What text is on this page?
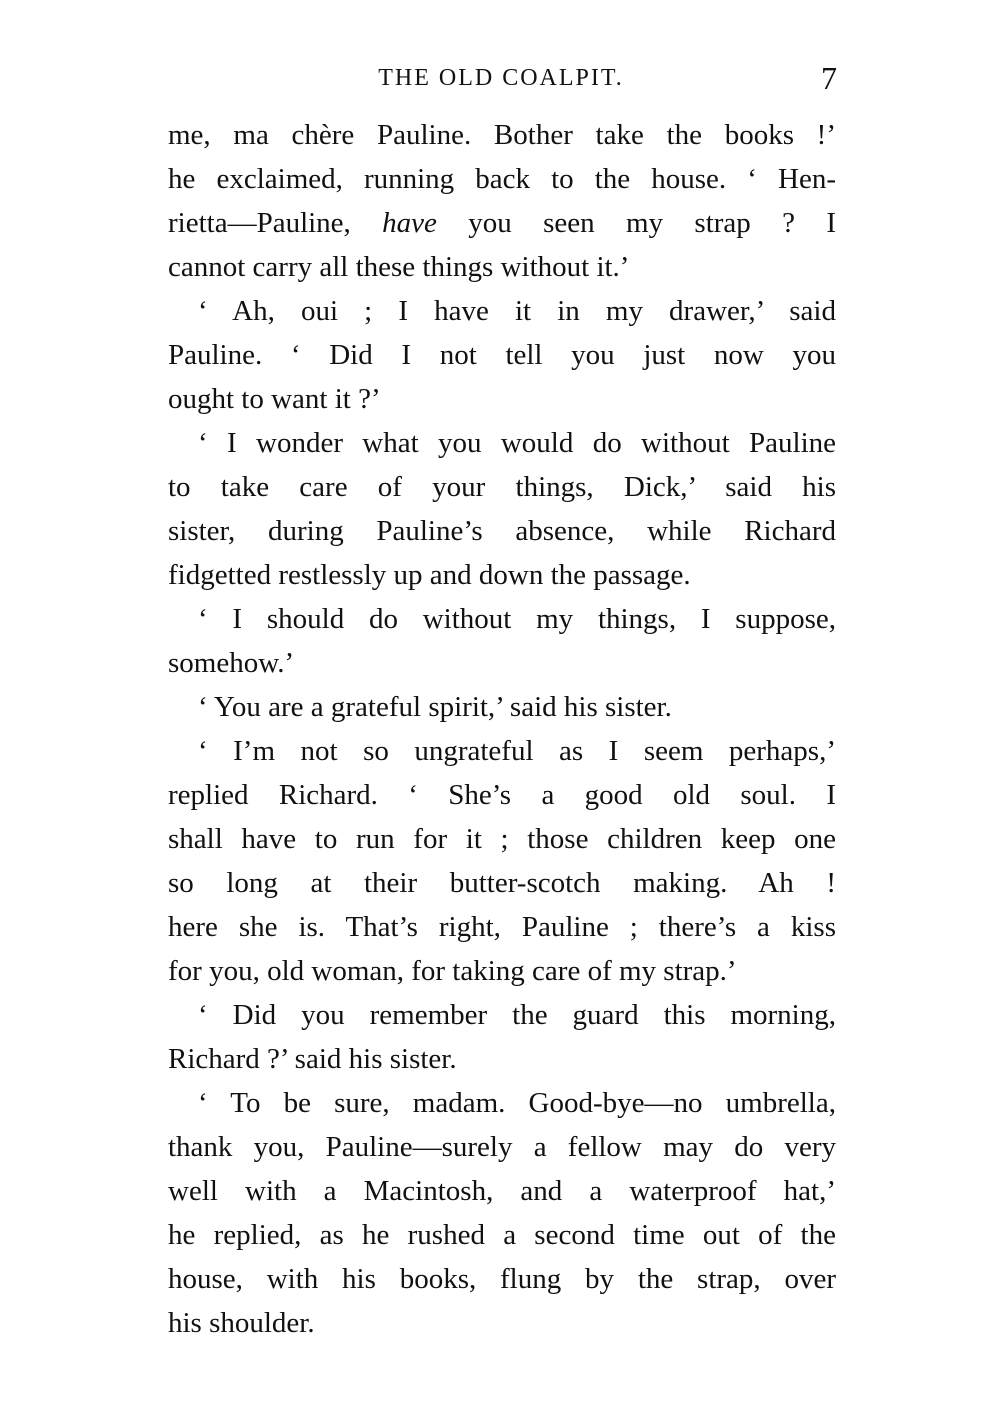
THE OLD COALPIT.	7
me, ma chère Pauline. Bother take the books !’
he exclaimed, running back to the house. ‘ Hen-
rietta—Pauline, have you seen my strap ? I
cannot carry all these things without it.’
‘ Ah, oui ; I have it in my drawer,’ said
Pauline. ‘ Did I not tell you just now you
ought to want it ?’
‘ I wonder what you would do without Pauline
to take care of your things, Dick,’ said his
sister, during Pauline’s absence, while Richard
fidgetted restlessly up and down the passage.
‘ I should do without my things, I suppose,
somehow.’
‘ You are a grateful spirit,’ said his sister.
‘ I’m not so ungrateful as I seem perhaps,’
replied Richard. ‘ She’s a good old soul. I
shall have to run for it ; those children keep one
so long at their butter-scotch making. Ah !
here she is. That’s right, Pauline ; there’s a kiss
for you, old woman, for taking care of my strap.’
‘ Did you remember the guard this morning,
Richard ?’ said his sister.
‘ To be sure, madam. Good-bye—no umbrella,
thank you, Pauline—surely a fellow may do very
well with a Macintosh, and a waterproof hat,’
he replied, as he rushed a second time out of the
house, with his books, flung by the strap, over
his shoulder.
